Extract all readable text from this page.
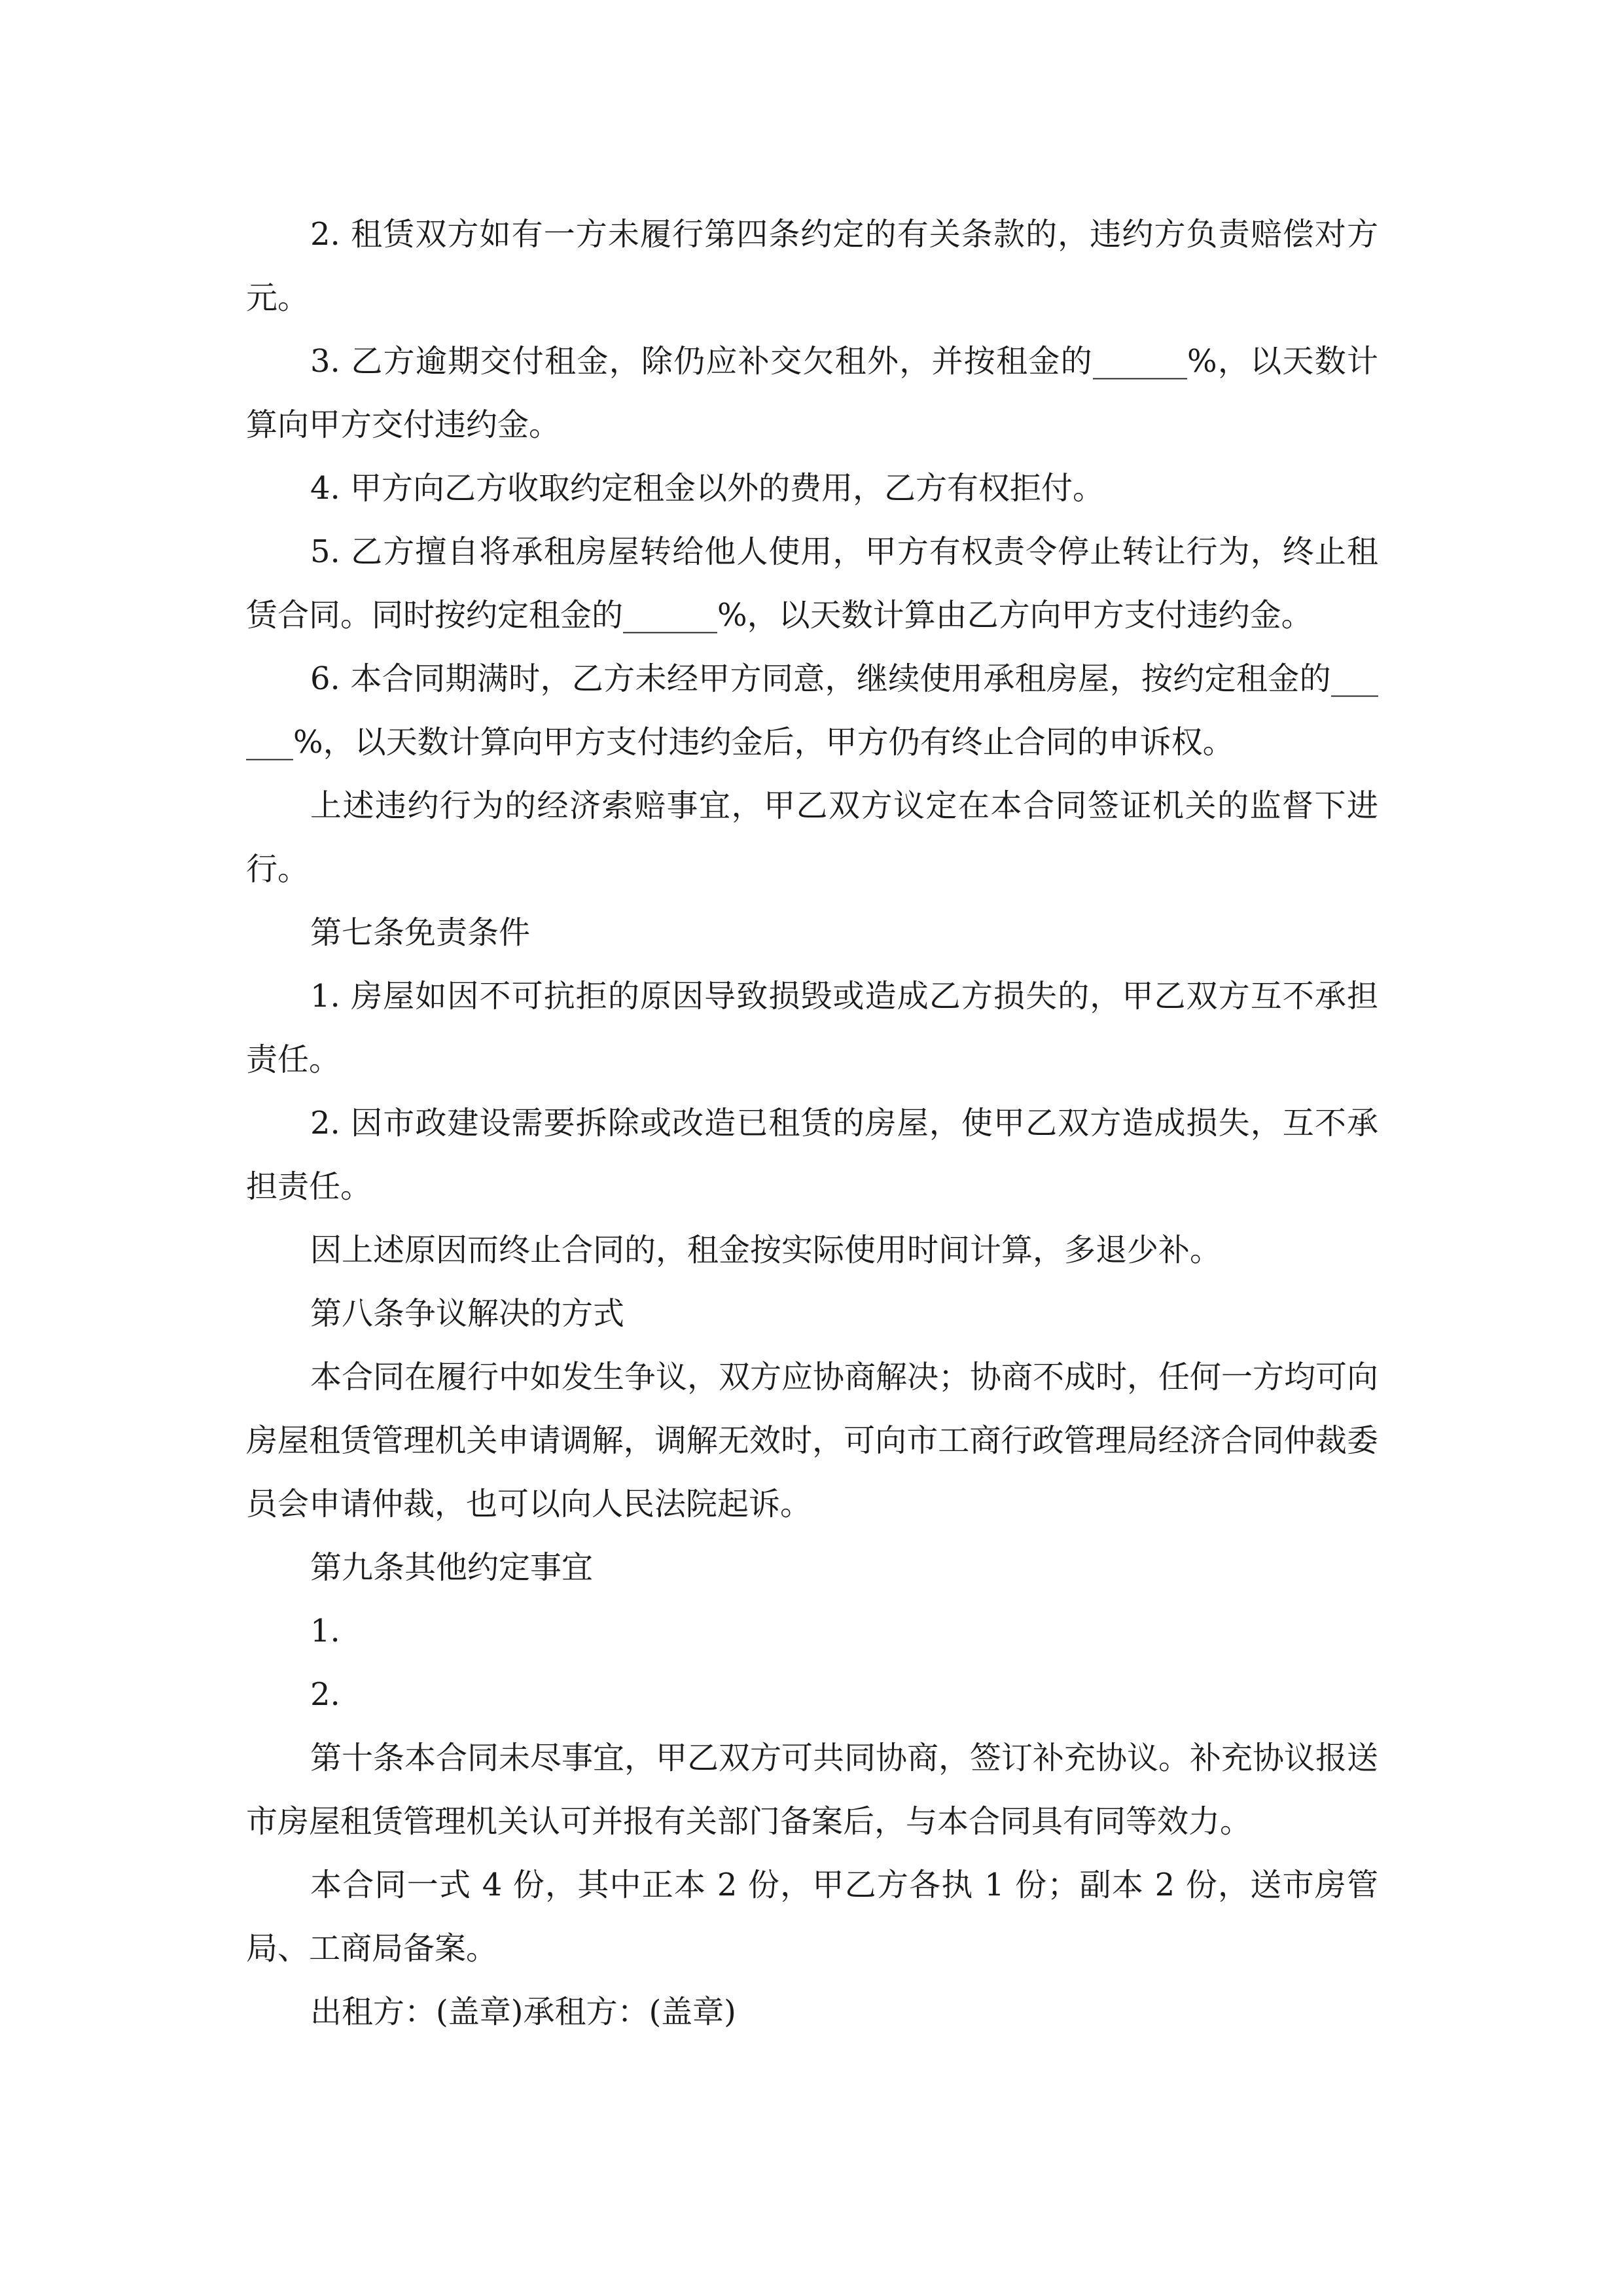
2. 租赁双方如有一方未履行第四条约定的有关条款的，违约方负责赔偿对方元。

3. 乙方逾期交付租金，除仍应补交欠租外，并按租金的______%，以天数计算向甲方交付违约金。

4. 甲方向乙方收取约定租金以外的费用，乙方有权拒付。

5. 乙方擅自将承租房屋转给他人使用，甲方有权责令停止转让行为，终止租赁合同。同时按约定租金的______%，以天数计算由乙方向甲方支付违约金。

6. 本合同期满时，乙方未经甲方同意，继续使用承租房屋，按约定租金的______%，以天数计算向甲方支付违约金后，甲方仍有终止合同的申诉权。

上述违约行为的经济索赔事宜，甲乙双方议定在本合同签证机关的监督下进行。

第七条免责条件

1. 房屋如因不可抗拒的原因导致损毁或造成乙方损失的，甲乙双方互不承担责任。

2. 因市政建设需要拆除或改造已租赁的房屋，使甲乙双方造成损失，互不承担责任。

因上述原因而终止合同的，租金按实际使用时间计算，多退少补。

第八条争议解决的方式

本合同在履行中如发生争议，双方应协商解决；协商不成时，任何一方均可向房屋租赁管理机关申请调解，调解无效时，可向市工商行政管理局经济合同仲裁委员会申请仲裁，也可以向人民法院起诉。

第九条其他约定事宜

1.

2.

第十条本合同未尽事宜，甲乙双方可共同协商，签订补充协议。补充协议报送市房屋租赁管理机关认可并报有关部门备案后，与本合同具有同等效力。

本合同一式 4 份，其中正本 2 份，甲乙方各执 1 份；副本 2 份，送市房管局、工商局备案。

出租方：(盖章)承租方：(盖章)
